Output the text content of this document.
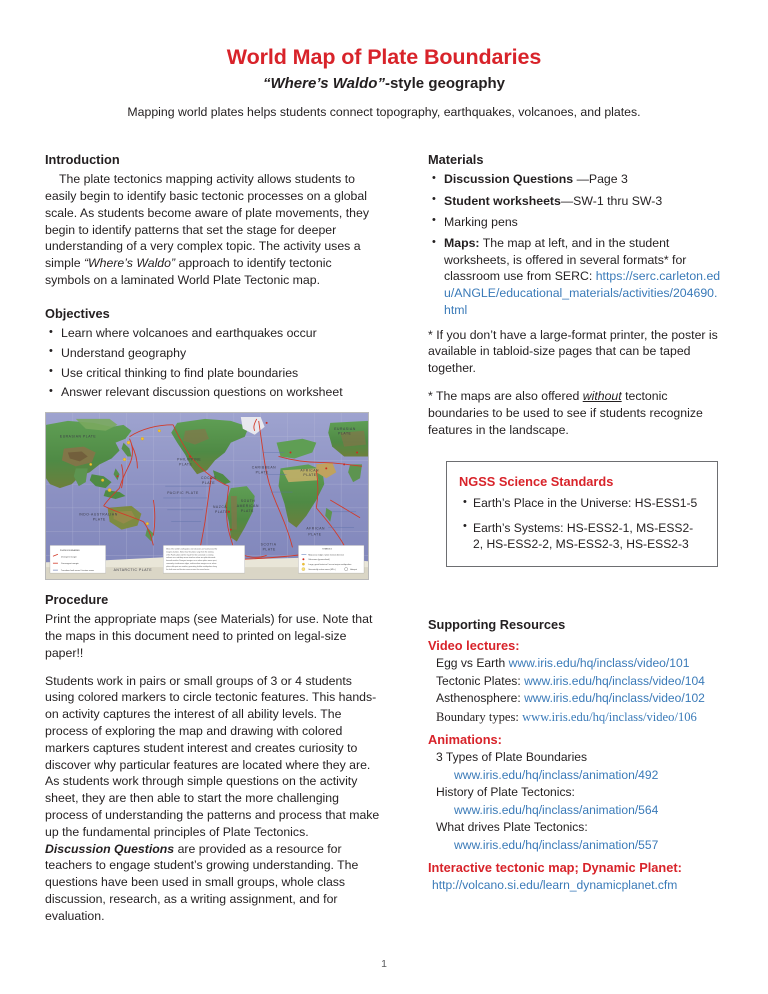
World Map of Plate Boundaries
“Where’s Waldo”-style geography
Mapping world plates helps students connect topography, earthquakes, volcanoes, and plates.
Introduction

The plate tectonics mapping activity allows students to easily begin to identify basic tectonic processes on a global scale. As students become aware of plate movements, they begin to identify patterns that set the stage for deeper understanding of a very complex topic. The activity uses a simple “Where’s Waldo” approach to identify tectonic symbols on a laminated World Plate Tectonic map.

Objectives
• Learn where volcanoes and earthquakes occur
• Understand geography
• Use critical thinking to find plate boundaries
• Answer relevant discussion questions on worksheet
EURASIAN PLATE
EURASIAN
PLATE
PACIFIC PLATE
INDO-AUSTRALIAN
PLATE
PHILIPPINE
PLATE
COCOS
PLATE
CARIBBEAN
PLATE
NAZCA
PLATE
SOUTH
AMERICAN
PLATE
AFRICAN
PLATE
AFRICAN
PLATE
SCOTIA
PLATE
ANTARCTIC PLATE
PLATE BOUNDARIES
Divergent margin
Convergent margin
Transform fault zones / fracture zones
Most of the world's earthquakes and volcanoes are found around the
margins of plates. Notice how the plates range from the existing
of the Pacific plate and the ring of fire that surrounds it, creating
volcanic arcs and deep ocean trenches where one plate descends
beneath another. Divergent margins occur where plates move apart,
commonly at mid-ocean ridges, and transform margins occur where
plates slide past one another, generating shallow earthquakes along
the fault zone and fracture zones across the ocean basins.
SYMBOLS
Mid-ocean ridges / plate motion direction
Volcanoes (generalized)
Large, great historical / recent major earthquakes
Seismically active zones (M5+)	Hotspot
Materials
• Discussion Questions —Page 3
• Student worksheets—SW-1 thru SW-3
• Marking pens
• Maps: The map at left, and in the student worksheets, is offered in several formats* for classroom use from SERC: https://serc.carleton.edu/ANGLE/educational_materials/activities/204690.html

* If you don’t have a large-format printer, the poster is available in tabloid-size pages that can be taped together.

* The maps are also offered without tectonic boundaries to be used to see if students recognize features in the landscape.

NGSS Science Standards
• Earth’s Place in the Universe: HS-ESS1-5
• Earth’s Systems: HS-ESS2-1, MS-ESS2-2, HS-ESS2-2, MS-ESS2-3, HS-ESS2-3
Procedure

Print the appropriate maps (see Materials) for use. Note that the maps in this document need to printed on legal-size paper!!

Students work in pairs or small groups of 3 or 4 students using colored markers to circle tectonic features. This hands-on activity captures the interest of all ability levels. The process of exploring the map and drawing with colored markers captures student interest and creates curiosity to discover why particular features are located where they are. As students work through simple questions on the activity sheet, they are then able to start the more challenging process of understanding the patterns and process that make up the fundamental principles of Plate Tectonics.

Discussion Questions are provided as a resource for teachers to engage student’s growing understanding. The questions have been used in small groups, whole class discussion, research, as a writing assignment, and for evaluation.

Supporting Resources
Video lectures:
Egg vs Earth www.iris.edu/hq/inclass/video/101
Tectonic Plates: www.iris.edu/hq/inclass/video/104
Asthenosphere: www.iris.edu/hq/inclass/video/102
Boundary types: www.iris.edu/hq/inclass/video/106
Animations:
3 Types of Plate Boundaries
www.iris.edu/hq/inclass/animation/492
History of Plate Tectonics:
www.iris.edu/hq/inclass/animation/564
What drives Plate Tectonics:
www.iris.edu/hq/inclass/animation/557
Interactive tectonic map; Dynamic Planet:
http://volcano.si.edu/learn_dynamicplanet.cfm
1
